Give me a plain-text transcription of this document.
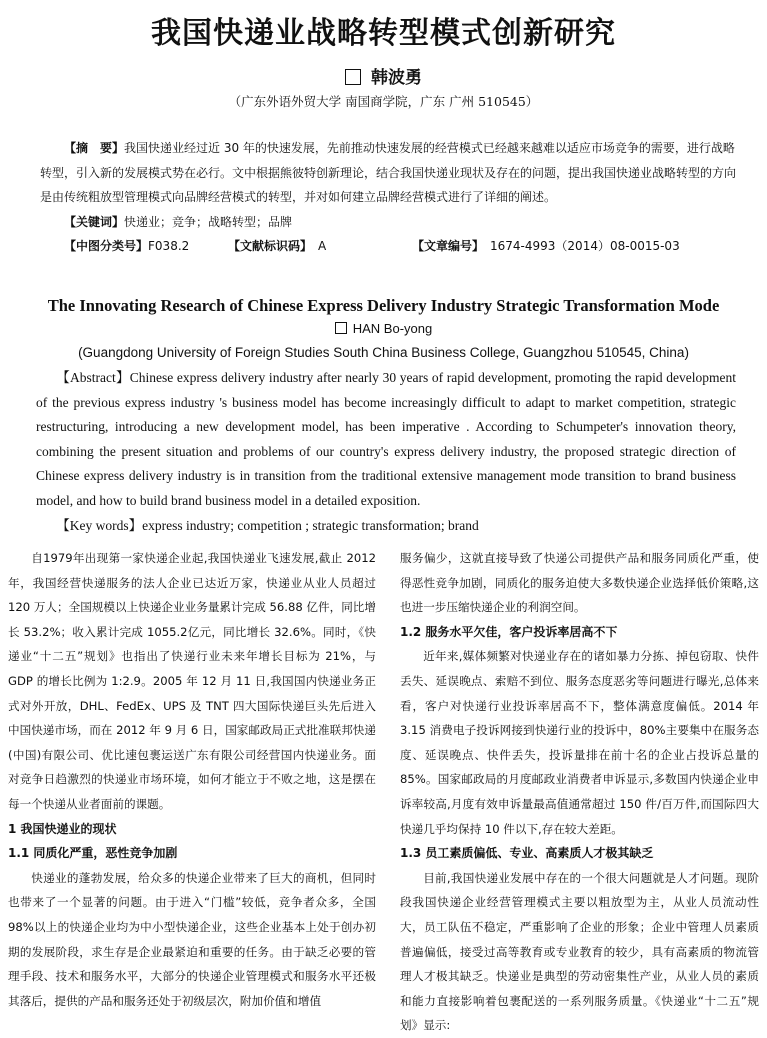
我国快递业战略转型模式创新研究
韩波勇
（广东外语外贸大学 南国商学院，广东 广州 510545）
【摘　要】我国快递业经过近 30 年的快速发展，先前推动快速发展的经营模式已经越来越难以适应市场竞争的需要，进行战略转型，引入新的发展模式势在必行。文中根据熊彼特创新理论，结合我国快递业现状及存在的问题，提出我国快递业战略转型的方向是由传统粗放型管理模式向品牌经营模式的转型，并对如何建立品牌经营模式进行了详细的阐述。
【关键词】快递业；竞争；战略转型；品牌
【中图分类号】 F038.2	【文献标识码】 A	【文章编号】 1674-4993（2014）08-0015-03
The Innovating Research of Chinese Express Delivery Industry Strategic Transformation Mode
HAN Bo-yong
(Guangdong University of Foreign Studies South China Business College, Guangzhou 510545, China)
【Abstract】Chinese express delivery industry after nearly 30 years of rapid development, promoting the rapid development of the previous express industry 's business model has become increasingly difficult to adapt to market competition, strategic restructuring, introducing a new development model, has been imperative . According to Schumpeter's innovation theory, combining the present situation and problems of our country's express delivery industry, the proposed strategic direction of Chinese express delivery industry is in transition from the traditional extensive management mode transition to brand business model, and how to build brand business model in a detailed exposition.
【Key words】express industry; competition ; strategic transformation; brand

自1979年出现第一家快递企业起,我国快递业飞速发展,截止 2012 年，我国经营快递服务的法人企业已达近万家，快递业从业人员超过 120 万人；全国规模以上快递企业业务量累计完成 56.88 亿件，同比增长 53.2%；收入累计完成 1055.2亿元，同比增长 32.6%。同时，《快递业“十二五”规划》也指出了快递行业未来年增长目标为 21%，与 GDP 的增长比例为 1:2.9。2005 年 12 月 11 日,我国国内快递业务正式对外开放，DHL、FedEx、UPS 及 TNT 四大国际快递巨头先后进入中国快递市场，而在 2012 年 9 月 6 日，国家邮政局正式批准联邦快递(中国)有限公司、优比速包裹运送广东有限公司经营国内快递业务。面对竞争日趋激烈的快递业市场环境，如何才能立于不败之地，这是摆在每一个快递从业者面前的课题。

1 我国快递业的现状
1.1 同质化严重，恶性竞争加剧

快递业的蓬勃发展，给众多的快递企业带来了巨大的商机，但同时也带来了一个显著的问题。由于进入“门槛”较低，竞争者众多，全国 98%以上的快递企业均为中小型快递企业，这些企业基本上处于创办初期的发展阶段，求生存是企业最紧迫和重要的任务。由于缺乏必要的管理手段、技术和服务水平，大部分的快递企业管理模式和服务水平还极其落后，提供的产品和服务还处于初级层次，附加价值和增值

服务偏少，这就直接导致了快递公司提供产品和服务同质化严重，使得恶性竞争加剧，同质化的服务迫使大多数快递企业选择低价策略,这也进一步压缩快递企业的利润空间。

1.2 服务水平欠佳，客户投诉率居高不下

近年来,媒体频繁对快递业存在的诸如暴力分拣、掉包窃取、快件丢失、延误晚点、索赔不到位、服务态度恶劣等问题进行曝光,总体来看，客户对快递行业投诉率居高不下，整体满意度偏低。2014 年 3.15 消费电子投诉网接到快递行业的投诉中，80%主要集中在服务态度、延误晚点、快件丢失，投诉量排在前十名的企业占投诉总量的 85%。国家邮政局的月度邮政业消费者申诉显示,多数国内快递企业申诉率较高,月度有效申诉量最高值通常超过 150 件/百万件,而国际四大快递几乎均保持 10 件以下,存在较大差距。

1.3 员工素质偏低、专业、高素质人才极其缺乏

目前,我国快递业发展中存在的一个很大问题就是人才问题。现阶段我国快递企业经营管理模式主要以粗放型为主，从业人员流动性大，员工队伍不稳定，严重影响了企业的形象；企业中管理人员素质普遍偏低，接受过高等教育或专业教育的较少，具有高素质的物流管理人才极其缺乏。快递业是典型的劳动密集性产业，从业人员的素质和能力直接影响着包裹配送的一系列服务质量。《快递业“十二五”规划》显示:
